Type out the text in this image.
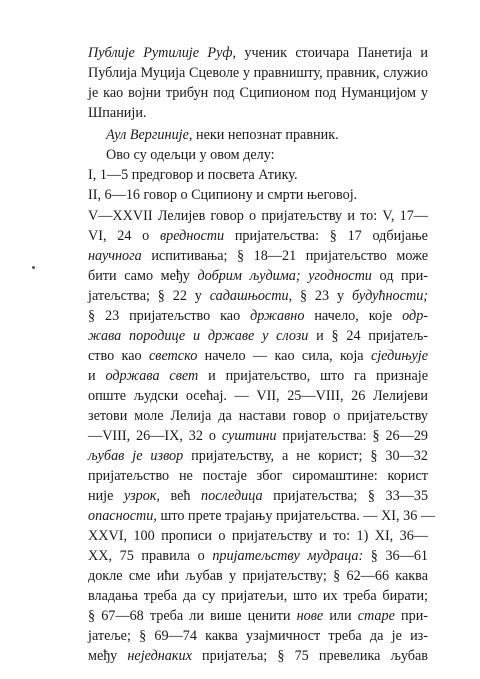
Публије Рутилије Руф, ученик стоичара Панетија и
Публија Муција Сцеволе у правништу, правник, служио
је као војни трибун под Сципионом под Нуманцијом у
Шпанији.
Аул Вергиније, неки непознат правник.
Ово су одељци у овом делу:
I, 1—5 предговор и посвета Атику.
II, 6—16 говор о Сципиону и смрти његовој.
V—XXVII Лелијев говор о пријатељству и то: V, 17—
VI, 24 о вредности пријатељства: § 17 одбијање
научнога испитивања; § 18—21 пријатељство може
бити само међу добрим људима; угодности од при-
јатељства; § 22 у садашњости, § 23 у будућности;
§ 23 пријатељство као државно начело, које одр-
жава породице и државе у слози и § 24 пријатељ-
ство као светско начело — као сила, која сједињује
и одржава свет и пријатељство, што га признаје
опште људски осећај. — VII, 25—VIII, 26 Лелијеви
зетови моле Лелија да настави говор о пријатељству
—VIII, 26—IX, 32 о суштини пријатељства: § 26—29
љубав је извор пријатељству, а не корист; § 30—32
пријатељство не постаје због сиромаштине: корист
није узрок, већ последица пријатељства; § 33—35
опасности, што прете трајању пријатељства. — XI, 36 —
XXVI, 100 прописи о пријатељству и то: 1) XI, 36—
XX, 75 правила о пријатељству мудраца: § 36—61
докле сме ићи љубав у пријатељству; § 62—66 каква
владања треба да су пријатељи, што их треба бирати;
§ 67—68 треба ли више ценити нове или старе при-
јатеље; § 69—74 каква узајмичност треба да је из-
међу неједнаких пријатеља; § 75 превелика љубав
